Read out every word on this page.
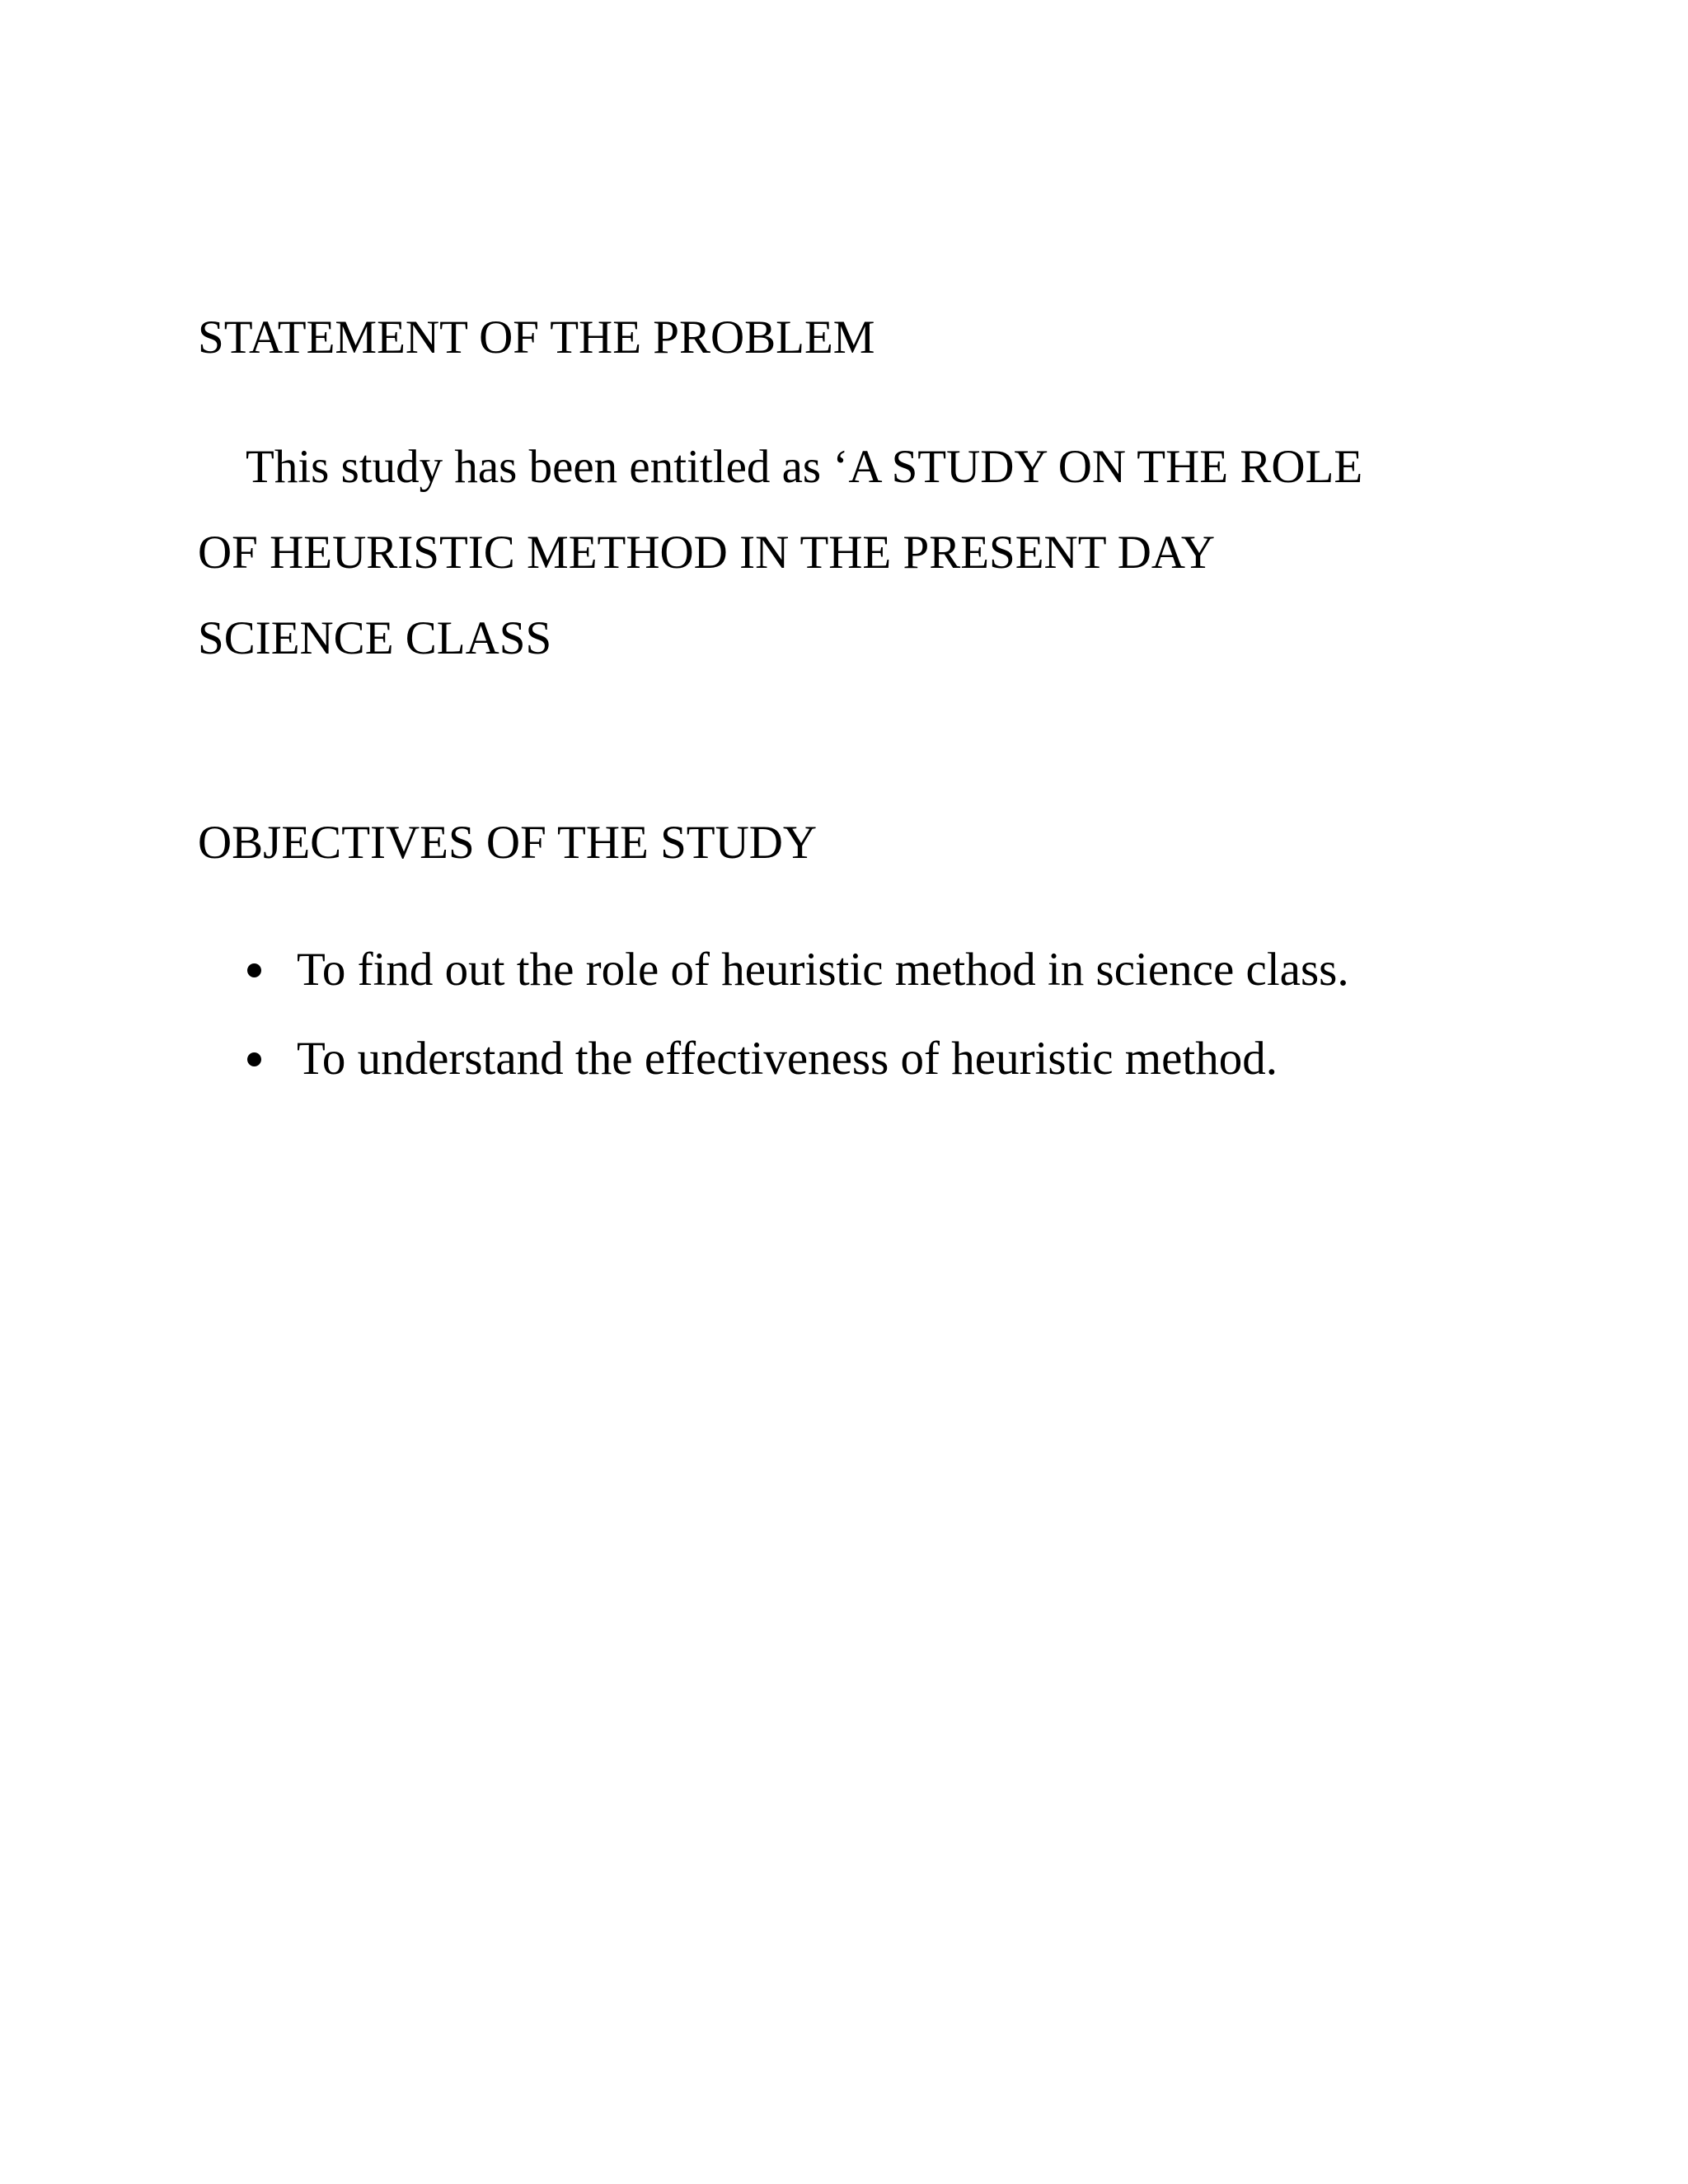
STATEMENT OF THE PROBLEM

This study has been entitled as ‘A STUDY ON THE ROLE
OF HEURISTIC METHOD IN THE PRESENT DAY
SCIENCE CLASS

OBJECTIVES OF THE STUDY
To find out the role of heuristic method in science class.
To understand the effectiveness of heuristic method.
